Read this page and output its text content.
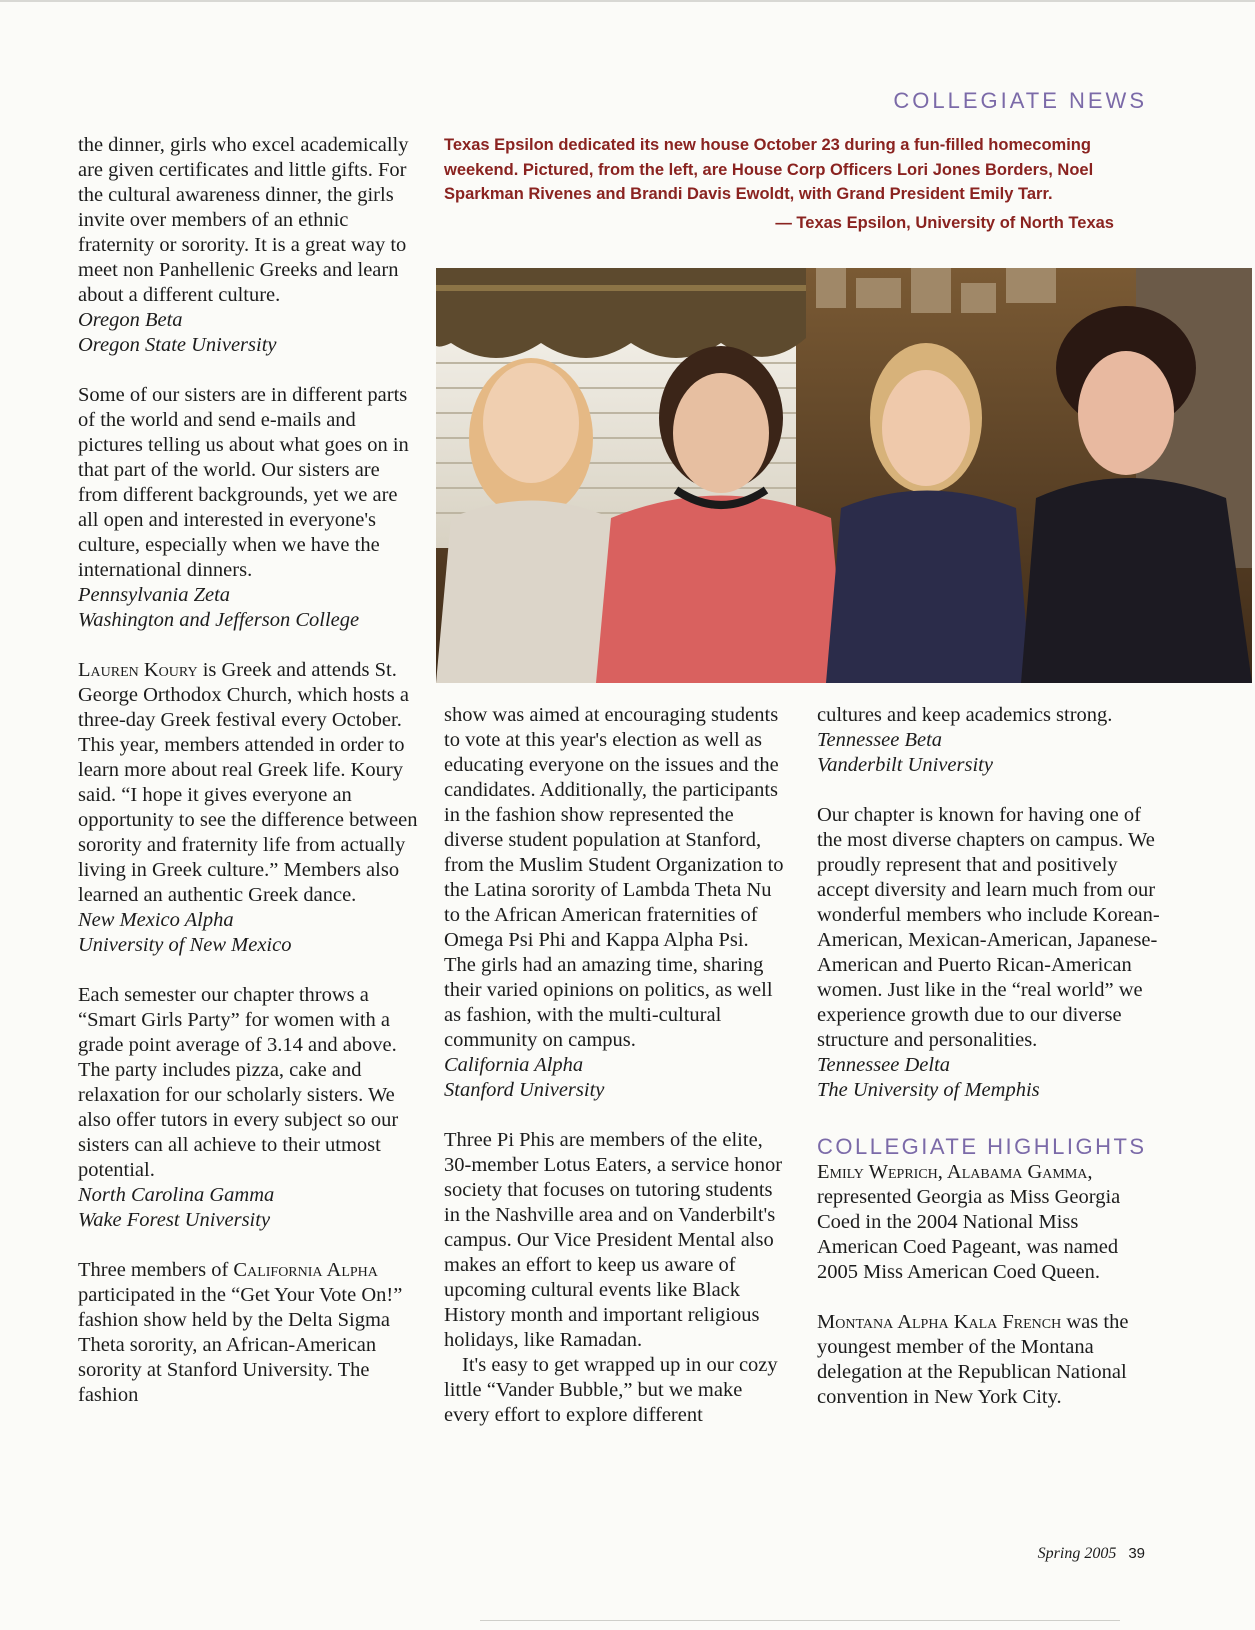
COLLEGIATE NEWS

the dinner, girls who excel academically are given certificates and little gifts. For the cultural awareness dinner, the girls invite over members of an ethnic fraternity or sorority. It is a great way to meet non Panhellenic Greeks and learn about a different culture.

Oregon Beta

Oregon State University

Some of our sisters are in different parts of the world and send e-mails and pictures telling us about what goes on in that part of the world. Our sisters are from different backgrounds, yet we are all open and interested in everyone's culture, especially when we have the international dinners.

Pennsylvania Zeta

Washington and Jefferson College

Lauren Koury is Greek and attends St. George Orthodox Church, which hosts a three-day Greek festival every October. This year, members attended in order to learn more about real Greek life. Koury said. “I hope it gives everyone an opportunity to see the difference between sorority and fraternity life from actually living in Greek culture.” Members also learned an authentic Greek dance.

New Mexico Alpha

University of New Mexico

Each semester our chapter throws a “Smart Girls Party” for women with a grade point average of 3.14 and above. The party includes pizza, cake and relaxation for our scholarly sisters. We also offer tutors in every subject so our sisters can all achieve to their utmost potential.

North Carolina Gamma

Wake Forest University

Three members of California Alpha participated in the “Get Your Vote On!” fashion show held by the Delta Sigma Theta sorority, an African-American sorority at Stanford University. The fashion

Texas Epsilon dedicated its new house October 23 during a fun-filled homecoming weekend. Pictured, from the left, are House Corp Officers Lori Jones Borders, Noel Sparkman Rivenes and Brandi Davis Ewoldt, with Grand President Emily Tarr.
— Texas Epsilon, University of North Texas

show was aimed at encouraging students to vote at this year's election as well as educating everyone on the issues and the candidates. Additionally, the participants in the fashion show represented the diverse student population at Stanford, from the Muslim Student Organization to the Latina sorority of Lambda Theta Nu to the African American fraternities of Omega Psi Phi and Kappa Alpha Psi. The girls had an amazing time, sharing their varied opinions on politics, as well as fashion, with the multi-cultural community on campus.

California Alpha

Stanford University

Three Pi Phis are members of the elite, 30-member Lotus Eaters, a service honor society that focuses on tutoring students in the Nashville area and on Vanderbilt's campus. Our Vice President Mental also makes an effort to keep us aware of upcoming cultural events like Black History month and important religious holidays, like Ramadan.

It's easy to get wrapped up in our cozy little “Vander Bubble,” but we make every effort to explore different

cultures and keep academics strong.

Tennessee Beta

Vanderbilt University

Our chapter is known for having one of the most diverse chapters on campus. We proudly represent that and positively accept diversity and learn much from our wonderful members who include Korean-American, Mexican-American, Japanese-American and Puerto Rican-American women. Just like in the “real world” we experience growth due to our diverse structure and personalities.

Tennessee Delta

The University of Memphis

COLLEGIATE HIGHLIGHTS

Emily Weprich, Alabama Gamma, represented Georgia as Miss Georgia Coed in the 2004 National Miss American Coed Pageant, was named 2005 Miss American Coed Queen.

Montana Alpha Kala French was the youngest member of the Montana delegation at the Republican National convention in New York City.

Spring 2005 39
